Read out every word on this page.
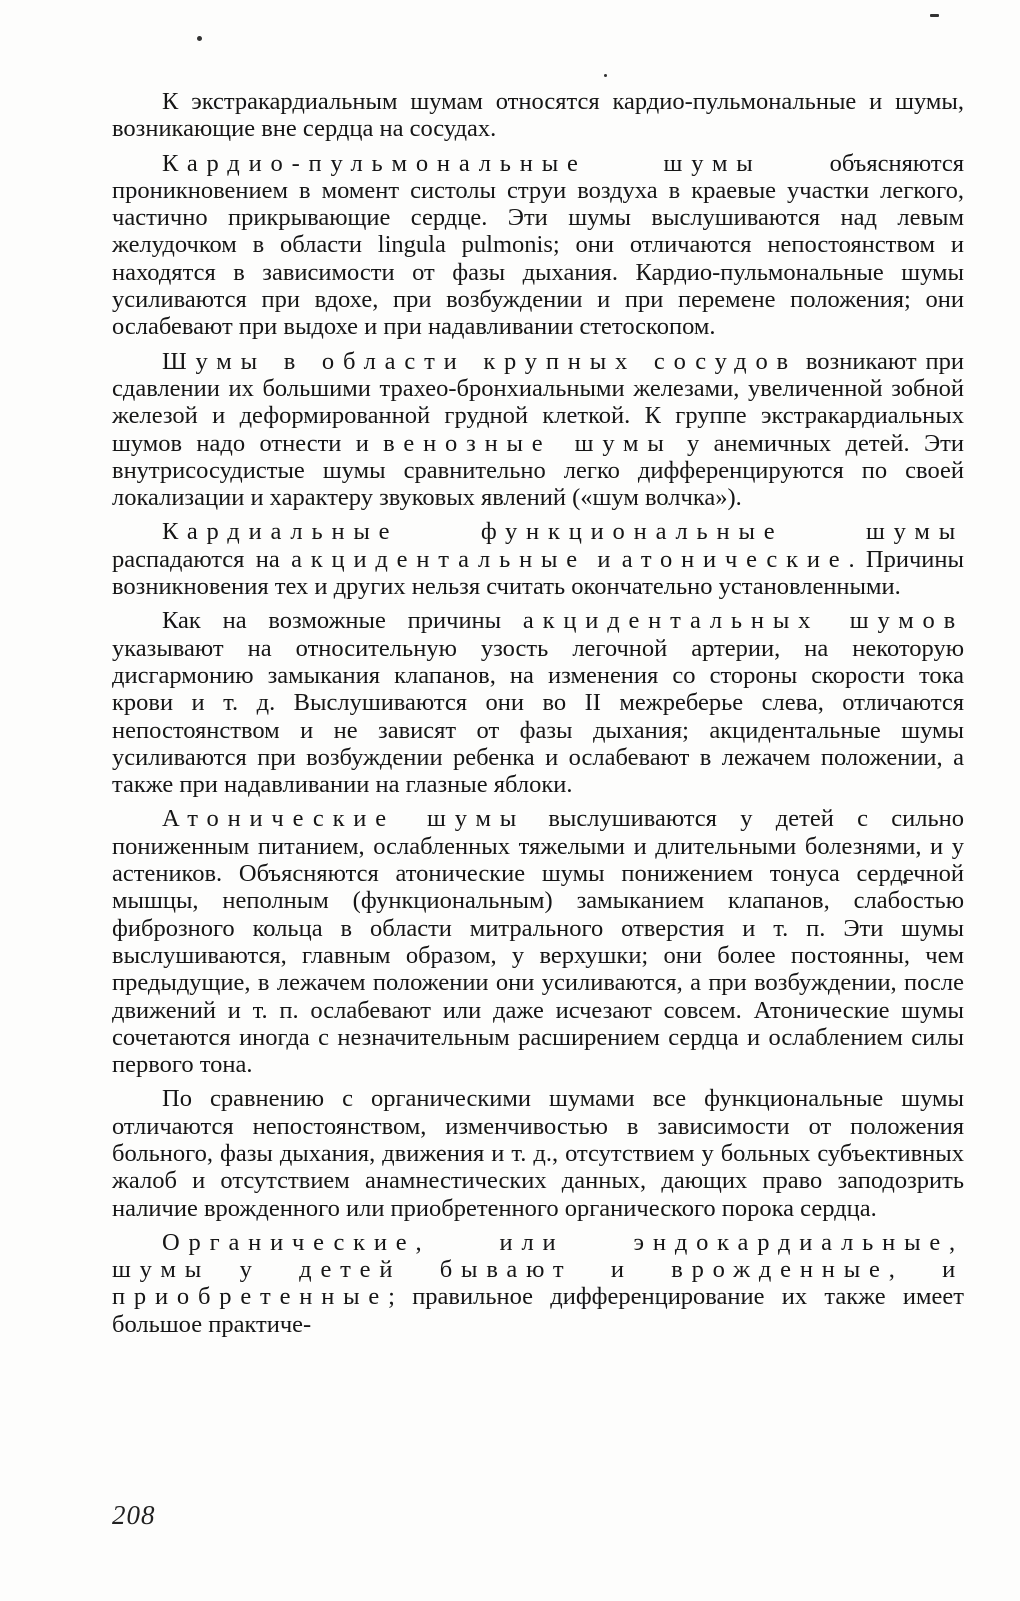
К экстракардиальным шумам относятся кардио-пульмональные и шумы, возникающие вне сердца на сосудах.

Кардио-пульмональные шумы объясняются проникновением в момент систолы струи воздуха в краевые участки легкого, частично прикрывающие сердце. Эти шумы выслушиваются над левым желудочком в области lingula pulmonis; они отличаются непостоянством и находятся в зависимости от фазы дыхания. Кардио-пульмональные шумы усиливаются при вдохе, при возбуждении и при перемене положения; они ослабевают при выдохе и при надавливании стетоскопом.

Шумы в области крупных сосудов возникают при сдавлении их большими трахео-бронхиальными железами, увеличенной зобной железой и деформированной грудной клеткой. К группе экстракардиальных шумов надо отнести и венозные шумы у анемичных детей. Эти внутрисосудистые шумы сравнительно легко дифференцируются по своей локализации и характеру звуковых явлений («шум волчка»).

Кардиальные функциональные шумы распадаются на акцидентальные и атонические. Причины возникновения тех и других нельзя считать окончательно установленными.

Как на возможные причины акцидентальных шумов указывают на относительную узость легочной артерии, на некоторую дисгармонию замыкания клапанов, на изменения со стороны скорости тока крови и т. д. Выслушиваются они во II межреберье слева, отличаются непостоянством и не зависят от фазы дыхания; акцидентальные шумы усиливаются при возбуждении ребенка и ослабевают в лежачем положении, а также при надавливании на глазные яблоки.

Атонические шумы выслушиваются у детей с сильно пониженным питанием, ослабленных тяжелыми и длительными болезнями, и у астеников. Объясняются атонические шумы понижением тонуса сердечной мышцы, неполным (функциональным) замыканием клапанов, слабостью фиброзного кольца в области митрального отверстия и т. п. Эти шумы выслушиваются, главным образом, у верхушки; они более постоянны, чем предыдущие, в лежачем положении они усиливаются, а при возбуждении, после движений и т. п. ослабевают или даже исчезают совсем. Атонические шумы сочетаются иногда с незначительным расширением сердца и ослаблением силы первого тона.

По сравнению с органическими шумами все функциональные шумы отличаются непостоянством, изменчивостью в зависимости от положения больного, фазы дыхания, движения и т. д., отсутствием у больных субъективных жалоб и отсутствием анамнестических данных, дающих право заподозрить наличие врожденного или приобретенного органического порока сердца.

Органические, или эндокардиальные, шумы у детей бывают и врожденные, и приобретенные; правильное дифференцирование их также имеет большое практиче-

208
